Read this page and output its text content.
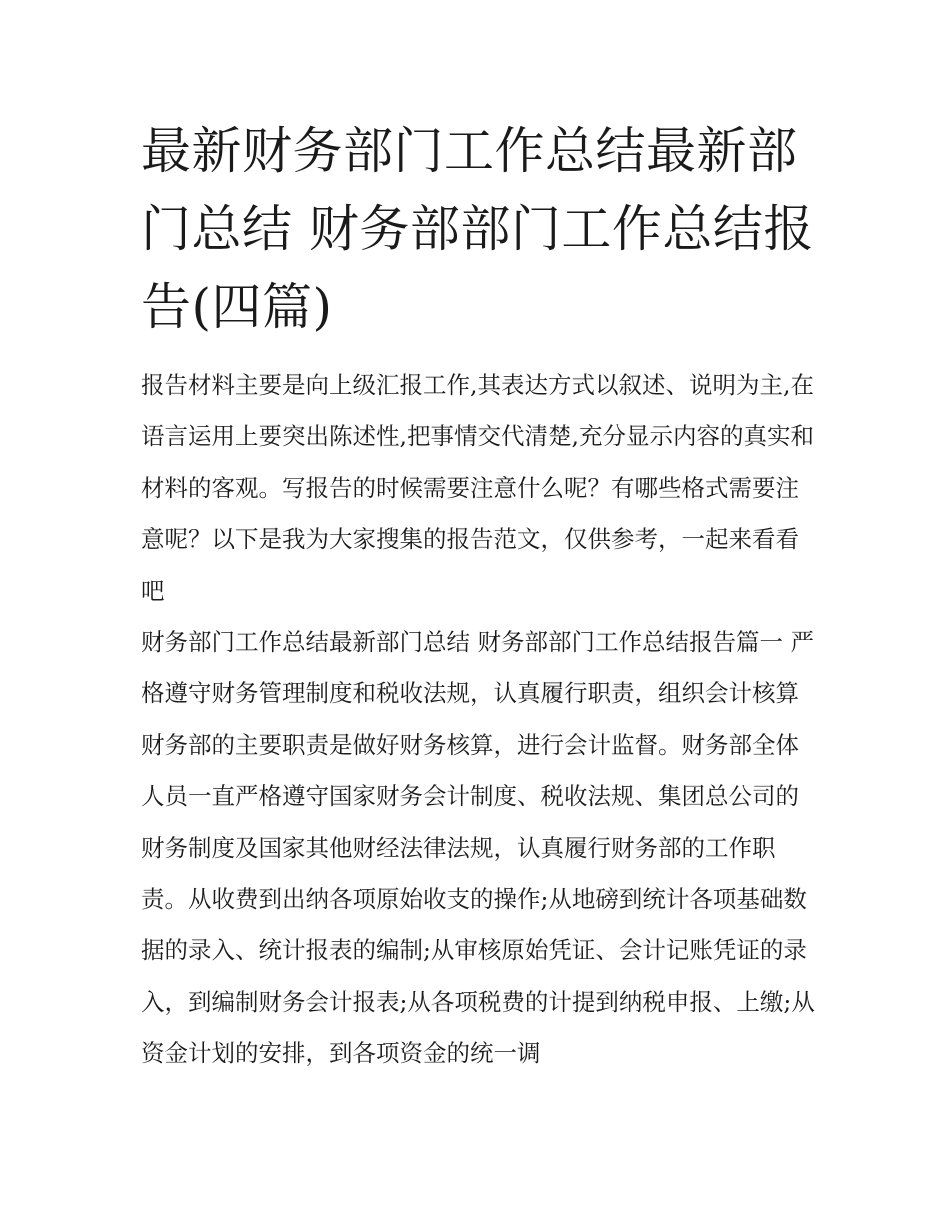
最新财务部门工作总结最新部门总结 财务部部门工作总结报告(四篇)

报告材料主要是向上级汇报工作,其表达方式以叙述、说明为主,在语言运用上要突出陈述性,把事情交代清楚,充分显示内容的真实和材料的客观。写报告的时候需要注意什么呢？有哪些格式需要注意呢？以下是我为大家搜集的报告范文，仅供参考，一起来看看吧

财务部门工作总结最新部门总结 财务部部门工作总结报告篇一 严格遵守财务管理制度和税收法规，认真履行职责，组织会计核算

财务部的主要职责是做好财务核算，进行会计监督。财务部全体人员一直严格遵守国家财务会计制度、税收法规、集团总公司的财务制度及国家其他财经法律法规，认真履行财务部的工作职责。从收费到出纳各项原始收支的操作;从地磅到统计各项基础数据的录入、统计报表的编制;从审核原始凭证、会计记账凭证的录入，到编制财务会计报表;从各项税费的计提到纳税申报、上缴;从资金计划的安排，到各项资金的统一调
